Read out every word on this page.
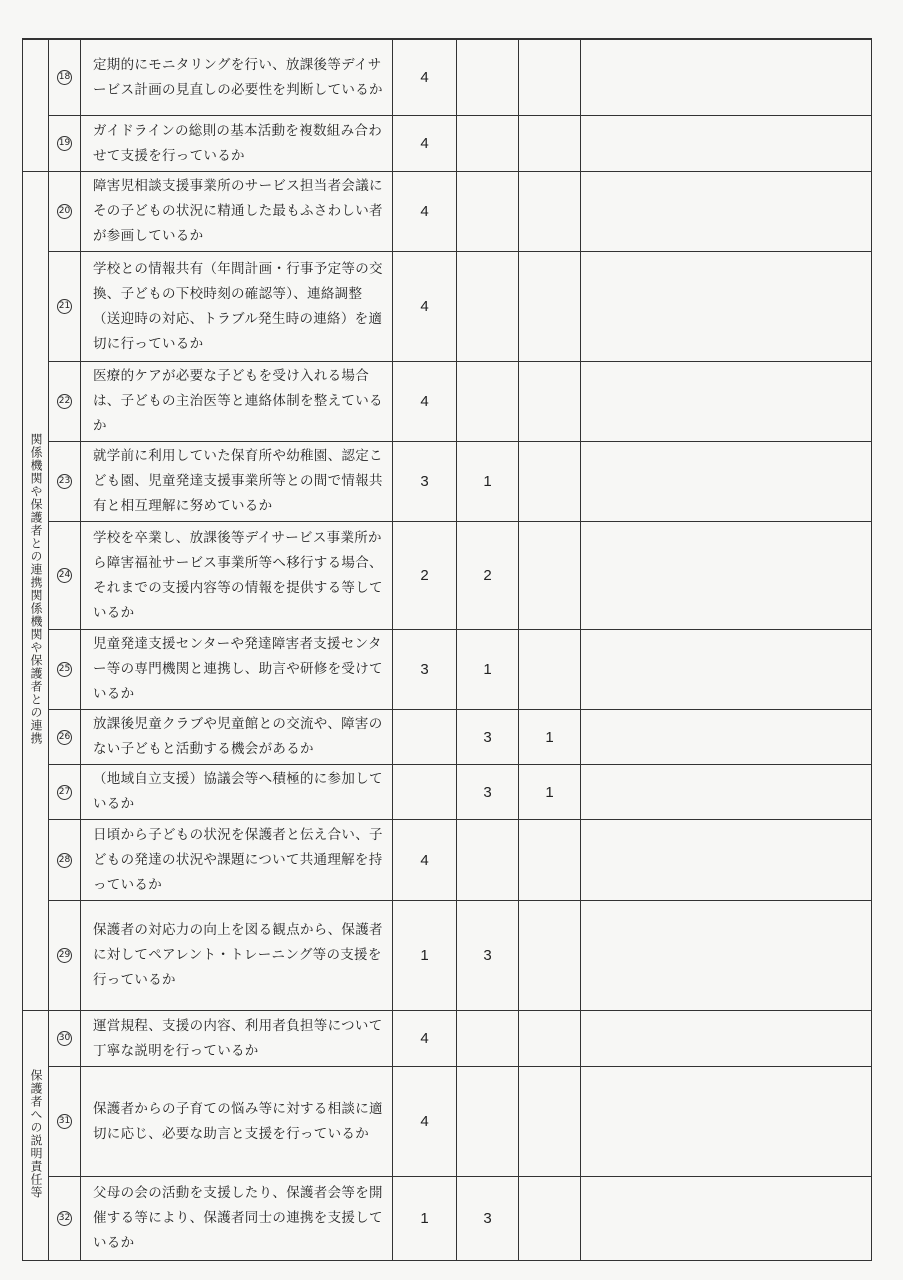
	18	定期的にモニタリングを行い、放課後等デイサービス計画の見直しの必要性を判断しているか	4			
	19	ガイドラインの総則の基本活動を複数組み合わせて支援を行っているか	4			
関係機関や保護者との連携関係機関や保護者との連携	20	障害児相談支援事業所のサービス担当者会議にその子どもの状況に精通した最もふさわしい者が参画しているか	4			
	21	学校との情報共有（年間計画・行事予定等の交換、子どもの下校時刻の確認等）、連絡調整（送迎時の対応、トラブル発生時の連絡）を適切に行っているか	4			
	22	医療的ケアが必要な子どもを受け入れる場合は、子どもの主治医等と連絡体制を整えているか	4			
	23	就学前に利用していた保育所や幼稚園、認定こども園、児童発達支援事業所等との間で情報共有と相互理解に努めているか	3	1		
	24	学校を卒業し、放課後等デイサービス事業所から障害福祉サービス事業所等へ移行する場合、それまでの支援内容等の情報を提供する等しているか	2	2		
	25	児童発達支援センターや発達障害者支援センター等の専門機関と連携し、助言や研修を受けているか	3	1		
	26	放課後児童クラブや児童館との交流や、障害のない子どもと活動する機会があるか		3	1	
	27	（地域自立支援）協議会等へ積極的に参加しているか		3	1	
	28	日頃から子どもの状況を保護者と伝え合い、子どもの発達の状況や課題について共通理解を持っているか	4			
	29	保護者の対応力の向上を図る観点から、保護者に対してペアレント・トレーニング等の支援を行っているか	1	3		
保護者への説明責任等	30	運営規程、支援の内容、利用者負担等について丁寧な説明を行っているか	4			
	31	保護者からの子育ての悩み等に対する相談に適切に応じ、必要な助言と支援を行っているか	4			
	32	父母の会の活動を支援したり、保護者会等を開催する等により、保護者同士の連携を支援しているか	1	3		
